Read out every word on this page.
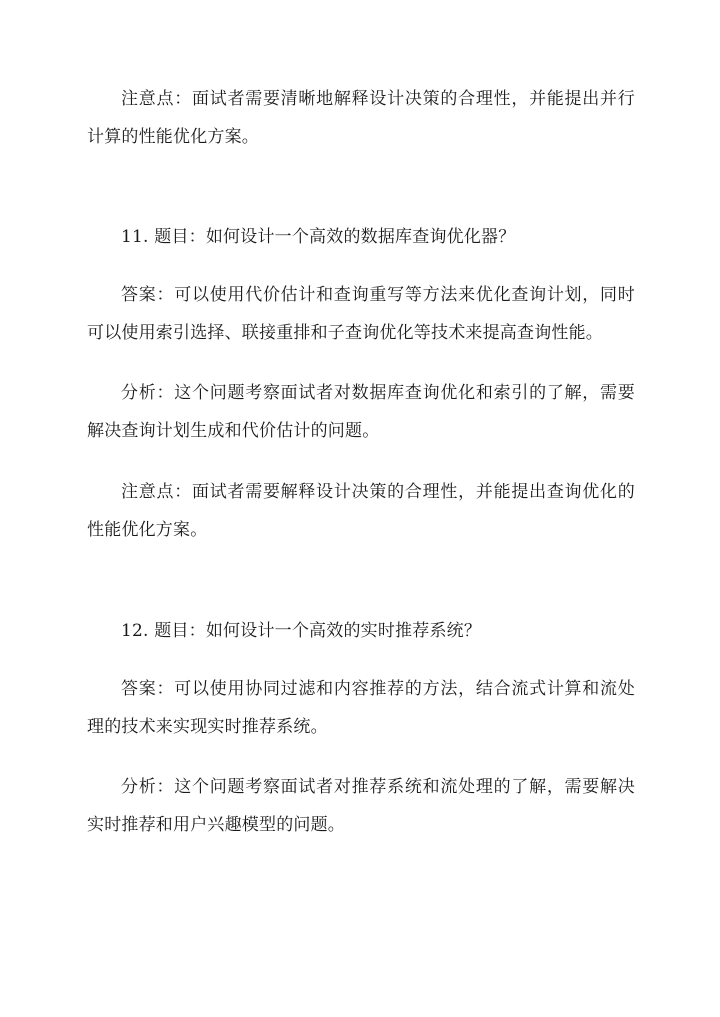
注意点：面试者需要清晰地解释设计决策的合理性，并能提出并行计算的性能优化方案。

11. 题目：如何设计一个高效的数据库查询优化器？

答案：可以使用代价估计和查询重写等方法来优化查询计划，同时可以使用索引选择、联接重排和子查询优化等技术来提高查询性能。

分析：这个问题考察面试者对数据库查询优化和索引的了解，需要解决查询计划生成和代价估计的问题。

注意点：面试者需要解释设计决策的合理性，并能提出查询优化的性能优化方案。

12. 题目：如何设计一个高效的实时推荐系统？

答案：可以使用协同过滤和内容推荐的方法，结合流式计算和流处理的技术来实现实时推荐系统。

分析：这个问题考察面试者对推荐系统和流处理的了解，需要解决实时推荐和用户兴趣模型的问题。
